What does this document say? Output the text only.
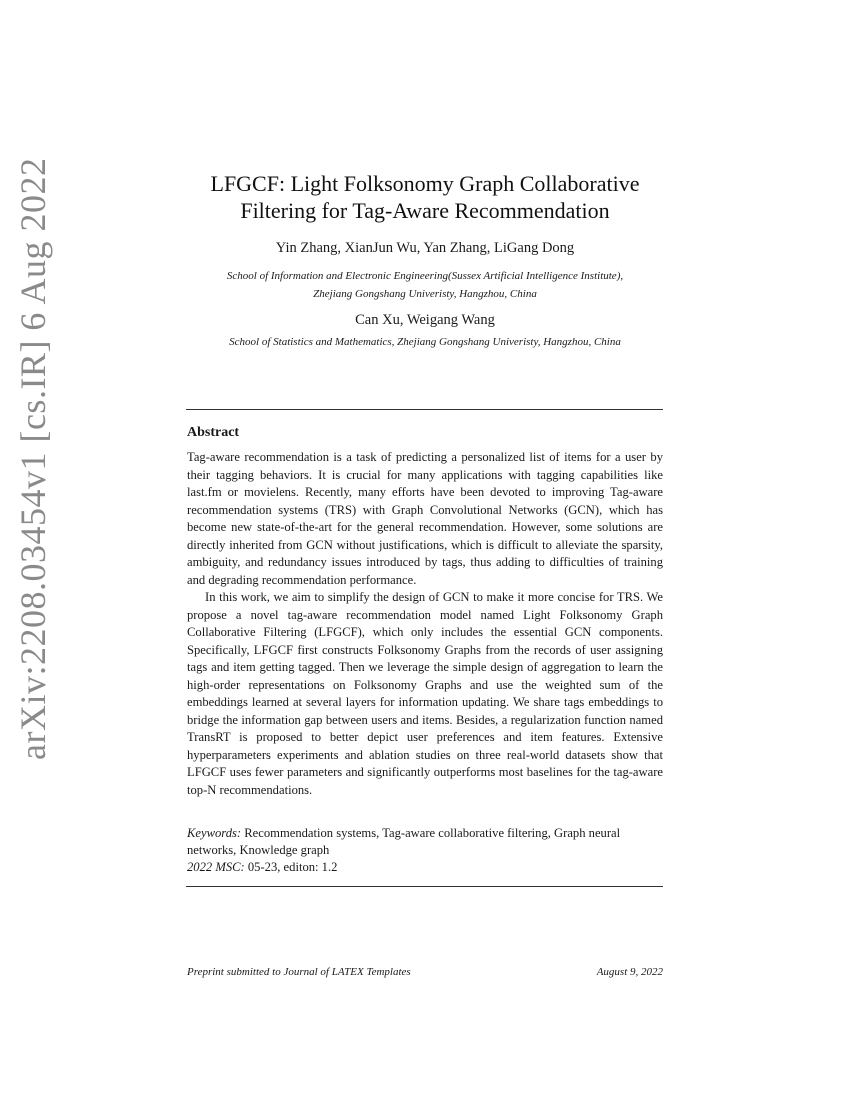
arXiv:2208.03454v1 [cs.IR] 6 Aug 2022	LFGCF: Light Folksonomy Graph Collaborative
Filtering for Tag-Aware Recommendation
Yin Zhang, XianJun Wu, Yan Zhang, LiGang Dong
School of Information and Electronic Engineering(Sussex Artificial Intelligence Institute),
Zhejiang Gongshang Univeristy, Hangzhou, China
Can Xu, Weigang Wang
School of Statistics and Mathematics, Zhejiang Gongshang Univeristy, Hangzhou, China
Abstract

Tag-aware recommendation is a task of predicting a personalized list of items for a user by their tagging behaviors. It is crucial for many applications with tagging capabilities like last.fm or movielens. Recently, many efforts have been devoted to improving Tag-aware recommendation systems (TRS) with Graph Convolutional Networks (GCN), which has become new state-of-the-art for the general recommendation. However, some solutions are directly inherited from GCN without justifications, which is difficult to alleviate the sparsity, ambiguity, and redundancy issues introduced by tags, thus adding to difficulties of training and degrading recommendation performance.

In this work, we aim to simplify the design of GCN to make it more concise for TRS. We propose a novel tag-aware recommendation model named Light Folksonomy Graph Collaborative Filtering (LFGCF), which only includes the essential GCN components. Specifically, LFGCF first constructs Folksonomy Graphs from the records of user assigning tags and item getting tagged. Then we leverage the simple design of aggregation to learn the high-order representations on Folksonomy Graphs and use the weighted sum of the embeddings learned at several layers for information updating. We share tags embeddings to bridge the information gap between users and items. Besides, a regularization function named TransRT is proposed to better depict user preferences and item features. Extensive hyperparameters experiments and ablation studies on three real-world datasets show that LFGCF uses fewer parameters and significantly outperforms most baselines for the tag-aware top-N recommendations.

Keywords: Recommendation systems, Tag-aware collaborative filtering, Graph neural networks, Knowledge graph
2022 MSC: 05-23, editon: 1.2
Preprint submitted to Journal of LATEX Templates	August 9, 2022
